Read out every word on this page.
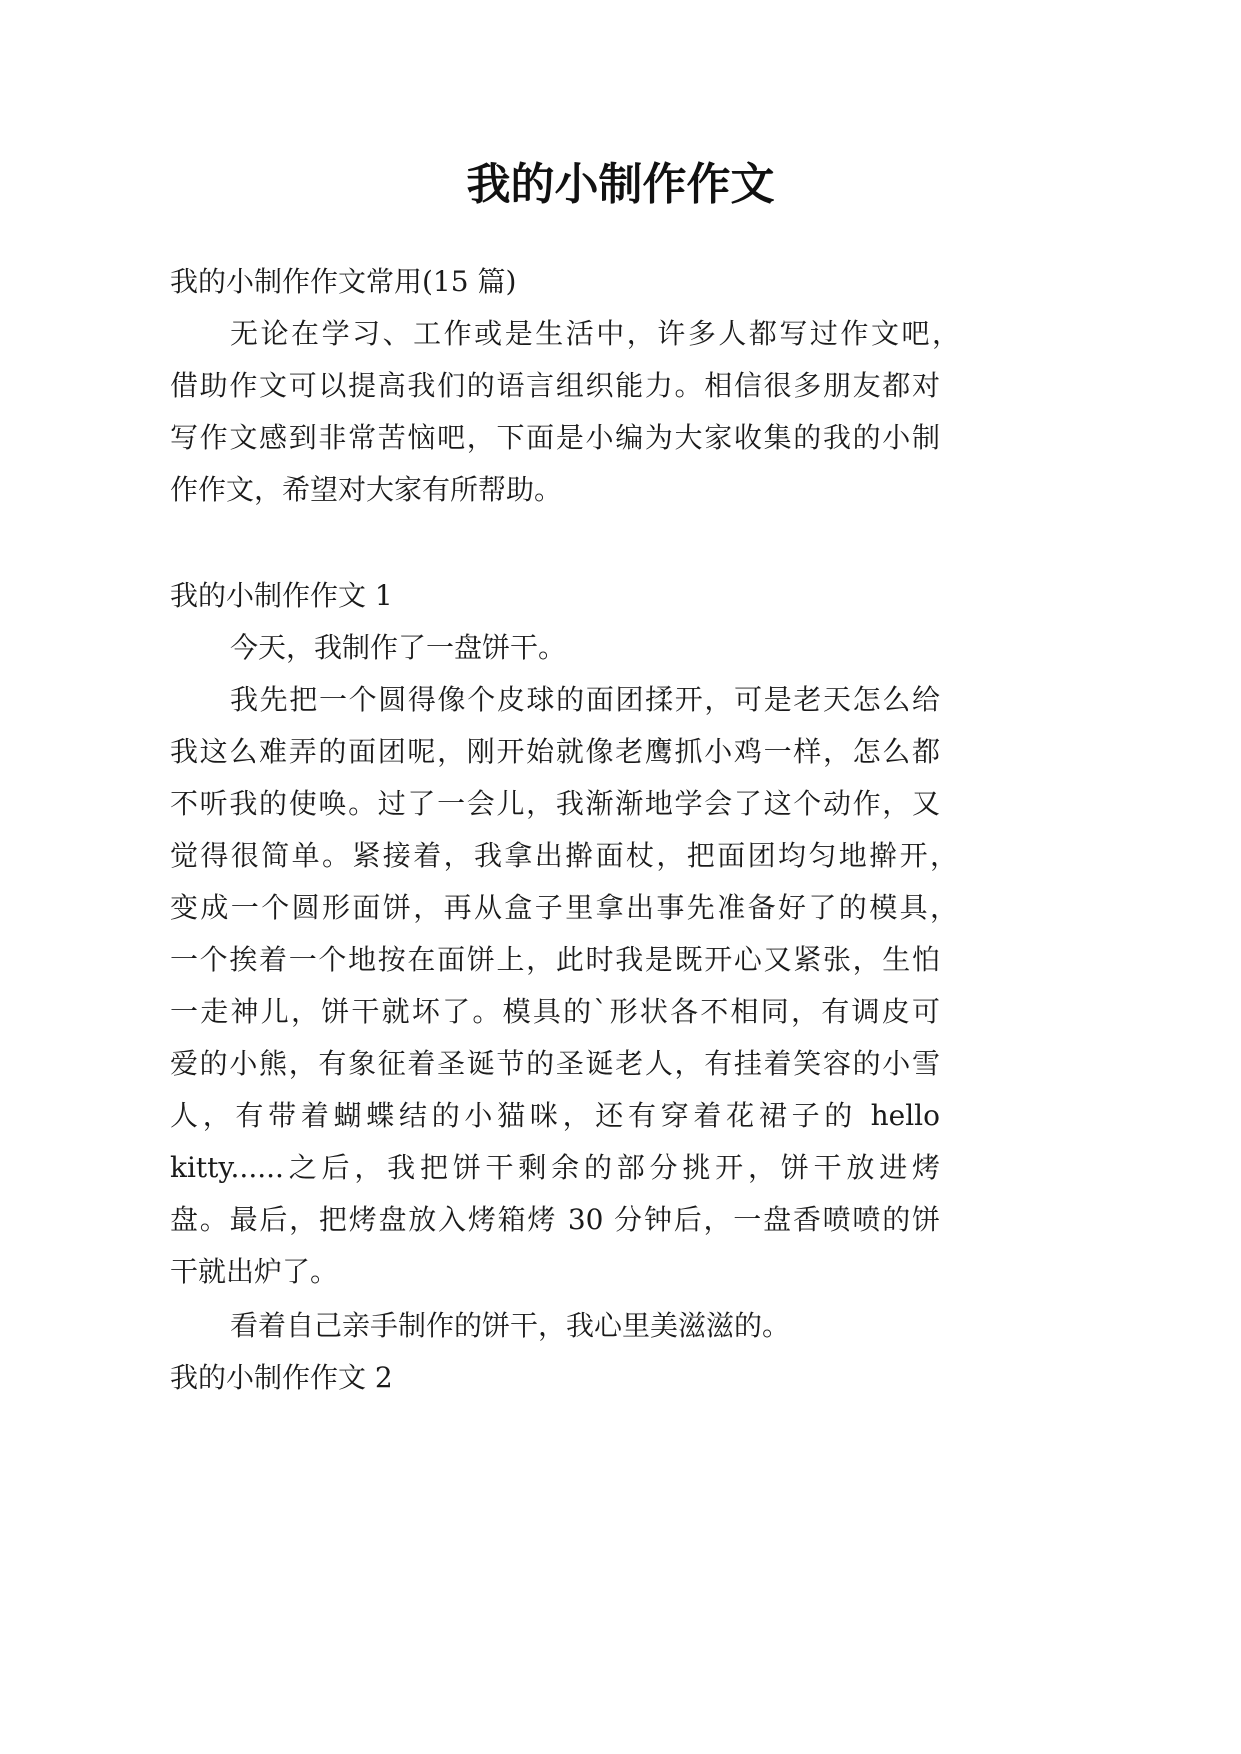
我的小制作作文
我的小制作作文常用(15 篇)
无论在学习、工作或是生活中，许多人都写过作文吧，
借助作文可以提高我们的语言组织能力。相信很多朋友都对
写作文感到非常苦恼吧，下面是小编为大家收集的我的小制
作作文，希望对大家有所帮助。
我的小制作作文 1
今天，我制作了一盘饼干。
我先把一个圆得像个皮球的面团揉开，可是老天怎么给
我这么难弄的面团呢，刚开始就像老鹰抓小鸡一样，怎么都
不听我的使唤。过了一会儿，我渐渐地学会了这个动作，又
觉得很简单。紧接着，我拿出擀面杖，把面团均匀地擀开，
变成一个圆形面饼，再从盒子里拿出事先准备好了的模具，
一个挨着一个地按在面饼上，此时我是既开心又紧张，生怕
一走神儿，饼干就坏了。模具的`形状各不相同，有调皮可
爱的小熊，有象征着圣诞节的圣诞老人，有挂着笑容的小雪
人，有带着蝴蝶结的小猫咪，还有穿着花裙子的 hello
kitty......之后，我把饼干剩余的部分挑开，饼干放进烤
盘。最后，把烤盘放入烤箱烤 30 分钟后，一盘香喷喷的饼
干就出炉了。
看着自己亲手制作的饼干，我心里美滋滋的。
我的小制作作文 2
